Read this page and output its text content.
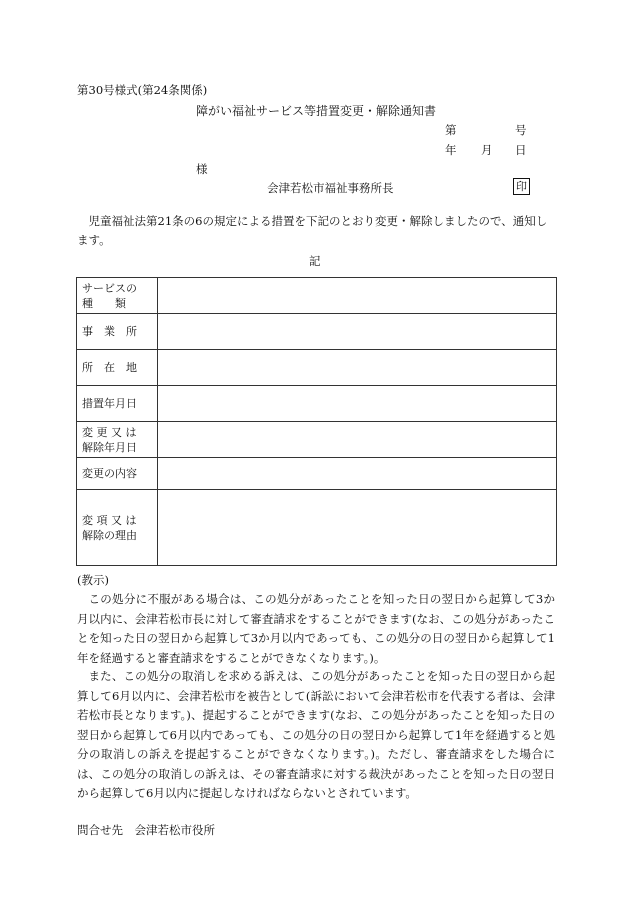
第30号様式(第24条関係)
障がい福祉サービス等措置変更・解除通知書
第	号
年 月 日
様
会津若松市福祉事務所長	印
児童福祉法第21条の6の規定による措置を下記のとおり変更・解除しましたので、通知します。
記
サービスの
種　　類	

事　業　所	

所　在　地	

措置年月日	

変 更 又 は
解除年月日	

変更の内容	

変 項 又 は
解除の理由	

(教示)
この処分に不服がある場合は、この処分があったことを知った日の翌日から起算して3か月以内に、会津若松市長に対して審査請求をすることができます(なお、この処分があったことを知った日の翌日から起算して3か月以内であっても、この処分の日の翌日から起算して1年を経過すると審査請求をすることができなくなります。)。
また、この処分の取消しを求める訴えは、この処分があったことを知った日の翌日から起算して6月以内に、会津若松市を被告として(訴訟において会津若松市を代表する者は、会津若松市長となります。)、提起することができます(なお、この処分があったことを知った日の翌日から起算して6月以内であっても、この処分の日の翌日から起算して1年を経過すると処分の取消しの訴えを提起することができなくなります。)。ただし、審査請求をした場合には、この処分の取消しの訴えは、その審査請求に対する裁決があったことを知った日の翌日から起算して6月以内に提起しなければならないとされています。
問合せ先　会津若松市役所
